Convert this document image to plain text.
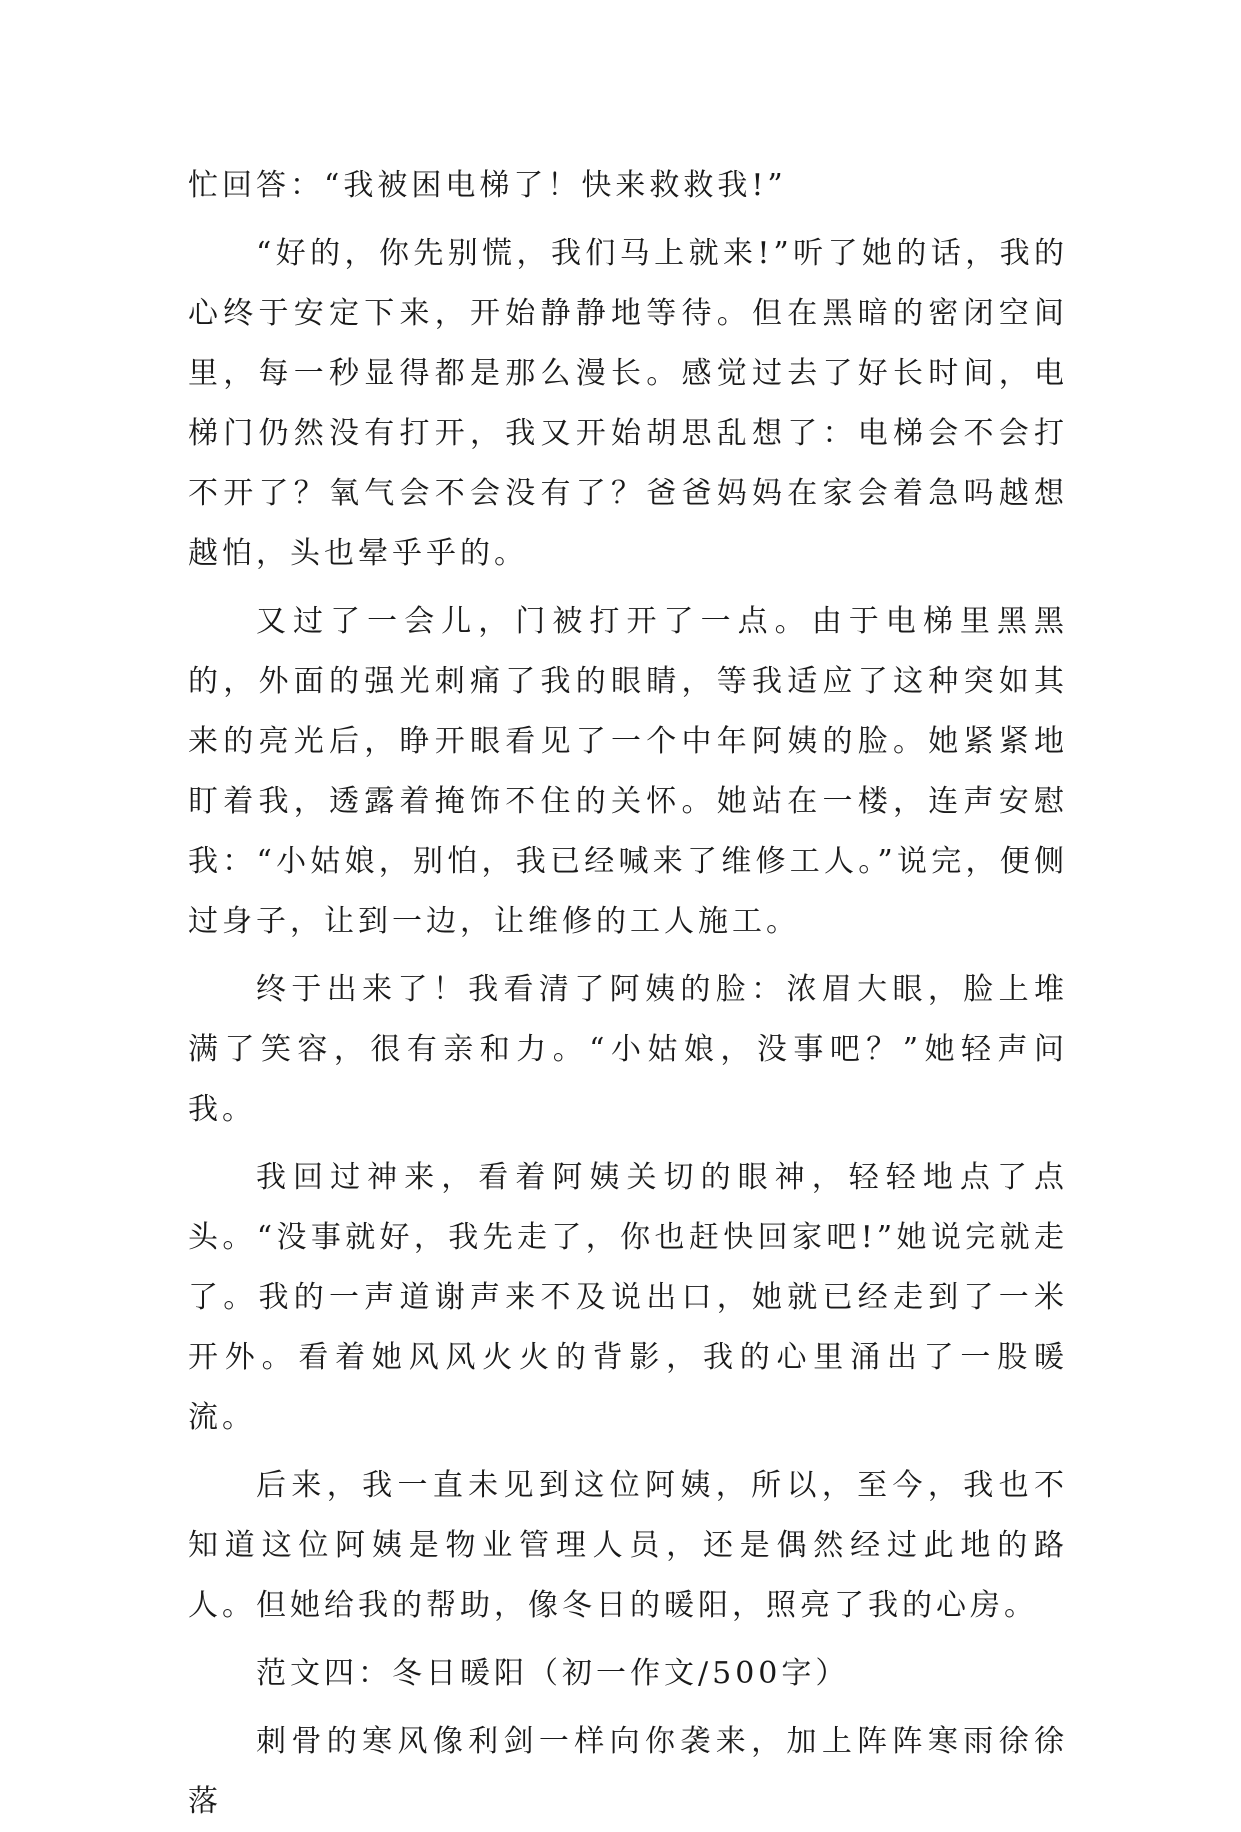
忙回答：“我被困电梯了！快来救救我!”

“好的，你先别慌，我们马上就来!”听了她的话，我的心终于安定下来，开始静静地等待。但在黑暗的密闭空间里，每一秒显得都是那么漫长。感觉过去了好长时间，电梯门仍然没有打开，我又开始胡思乱想了：电梯会不会打不开了？氧气会不会没有了？爸爸妈妈在家会着急吗越想越怕，头也晕乎乎的。

又过了一会儿，门被打开了一点。由于电梯里黑黑的，外面的强光刺痛了我的眼睛，等我适应了这种突如其来的亮光后，睁开眼看见了一个中年阿姨的脸。她紧紧地盯着我，透露着掩饰不住的关怀。她站在一楼，连声安慰我：“小姑娘，别怕，我已经喊来了维修工人。”说完，便侧过身子，让到一边，让维修的工人施工。

终于出来了！我看清了阿姨的脸：浓眉大眼，脸上堆满了笑容，很有亲和力。“小姑娘，没事吧？”她轻声问我。

我回过神来，看着阿姨关切的眼神，轻轻地点了点头。“没事就好，我先走了，你也赶快回家吧!”她说完就走了。我的一声道谢声来不及说出口，她就已经走到了一米开外。看着她风风火火的背影，我的心里涌出了一股暖流。

后来，我一直未见到这位阿姨，所以，至今，我也不知道这位阿姨是物业管理人员，还是偶然经过此地的路人。但她给我的帮助，像冬日的暖阳，照亮了我的心房。

范文四：冬日暖阳（初一作文/500字）

刺骨的寒风像利剑一样向你袭来，加上阵阵寒雨徐徐落
